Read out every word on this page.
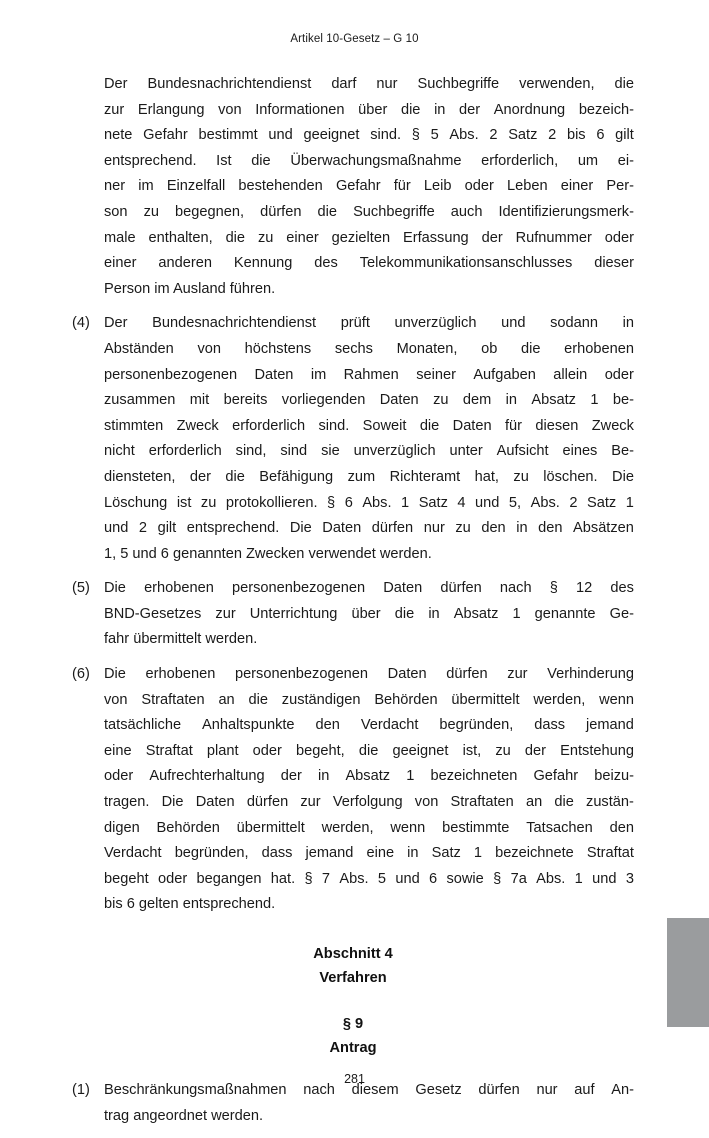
Artikel 10-Gesetz – G 10
Der Bundesnachrichtendienst darf nur Suchbegriffe verwenden, die
zur Erlangung von Informationen über die in der Anordnung bezeich-
nete Gefahr bestimmt und geeignet sind. § 5 Abs. 2 Satz 2 bis 6 gilt
entsprechend. Ist die Überwachungsmaßnahme erforderlich, um ei-
ner im Einzelfall bestehenden Gefahr für Leib oder Leben einer Per-
son zu begegnen, dürfen die Suchbegriffe auch Identifizierungsmerk-
male enthalten, die zu einer gezielten Erfassung der Rufnummer oder
einer anderen Kennung des Telekommunikationsanschlusses dieser
Person im Ausland führen.
(4) Der Bundesnachrichtendienst prüft unverzüglich und sodann in
Abständen von höchstens sechs Monaten, ob die erhobenen
personenbezogenen Daten im Rahmen seiner Aufgaben allein oder
zusammen mit bereits vorliegenden Daten zu dem in Absatz 1 be-
stimmten Zweck erforderlich sind. Soweit die Daten für diesen Zweck
nicht erforderlich sind, sind sie unverzüglich unter Aufsicht eines Be-
diensteten, der die Befähigung zum Richteramt hat, zu löschen. Die
Löschung ist zu protokollieren. § 6 Abs. 1 Satz 4 und 5, Abs. 2 Satz 1
und 2 gilt entsprechend. Die Daten dürfen nur zu den in den Absätzen
1, 5 und 6 genannten Zwecken verwendet werden.
(5) Die erhobenen personenbezogenen Daten dürfen nach § 12 des
BND-Gesetzes zur Unterrichtung über die in Absatz 1 genannte Ge-
fahr übermittelt werden.
(6) Die erhobenen personenbezogenen Daten dürfen zur Verhinderung
von Straftaten an die zuständigen Behörden übermittelt werden, wenn
tatsächliche Anhaltspunkte den Verdacht begründen, dass jemand
eine Straftat plant oder begeht, die geeignet ist, zu der Entstehung
oder Aufrechterhaltung der in Absatz 1 bezeichneten Gefahr beizu-
tragen. Die Daten dürfen zur Verfolgung von Straftaten an die zustän-
digen Behörden übermittelt werden, wenn bestimmte Tatsachen den
Verdacht begründen, dass jemand eine in Satz 1 bezeichnete Straftat
begeht oder begangen hat. § 7 Abs. 5 und 6 sowie § 7a Abs. 1 und 3
bis 6 gelten entsprechend.
Abschnitt 4
Verfahren
§ 9
Antrag
(1) Beschränkungsmaßnahmen nach diesem Gesetz dürfen nur auf An-
trag angeordnet werden.
281
